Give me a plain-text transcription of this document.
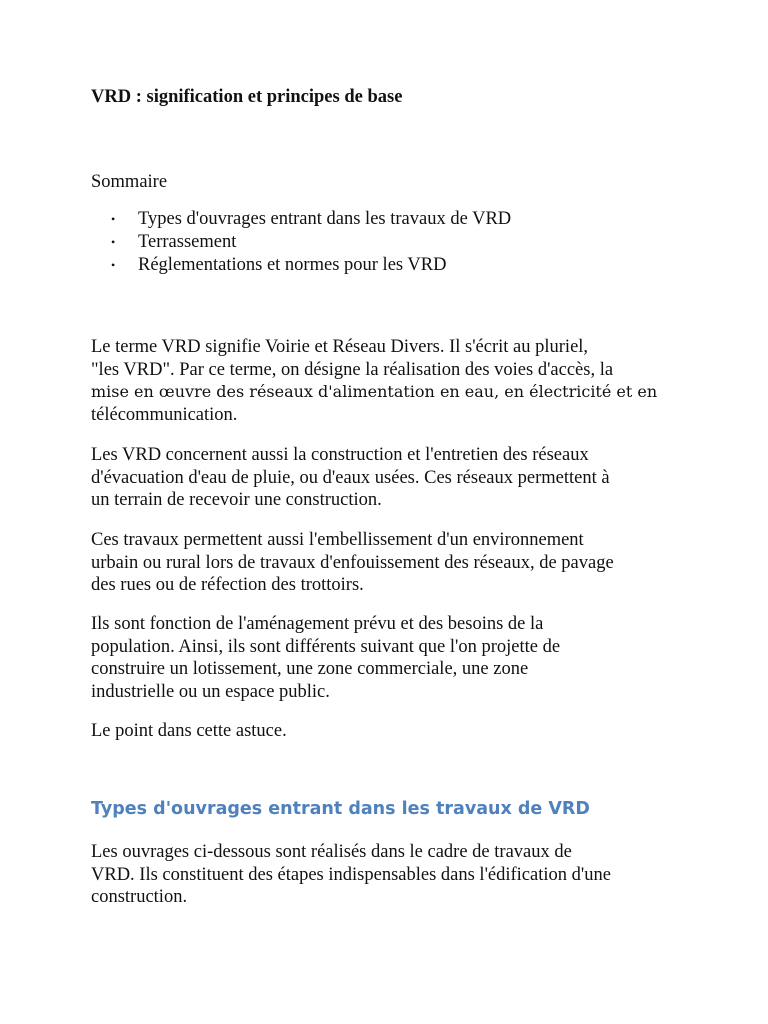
VRD : signification et principes de base

Sommaire

• Types d'ouvrages entrant dans les travaux de VRD
• Terrassement
• Réglementations et normes pour les VRD

Le terme VRD signifie Voirie et Réseau Divers. Il s'écrit au pluriel,
"les VRD". Par ce terme, on désigne la réalisation des voies d'accès, la
mise en œuvre des réseaux d'alimentation en eau, en électricité et en
télécommunication.

Les VRD concernent aussi la construction et l'entretien des réseaux
d'évacuation d'eau de pluie, ou d'eaux usées. Ces réseaux permettent à
un terrain de recevoir une construction.

Ces travaux permettent aussi l'embellissement d'un environnement
urbain ou rural lors de travaux d'enfouissement des réseaux, de pavage
des rues ou de réfection des trottoirs.

Ils sont fonction de l'aménagement prévu et des besoins de la
population. Ainsi, ils sont différents suivant que l'on projette de
construire un lotissement, une zone commerciale, une zone
industrielle ou un espace public.

Le point dans cette astuce.

Types d'ouvrages entrant dans les travaux de VRD

Les ouvrages ci-dessous sont réalisés dans le cadre de travaux de
VRD. Ils constituent des étapes indispensables dans l'édification d'une
construction.
